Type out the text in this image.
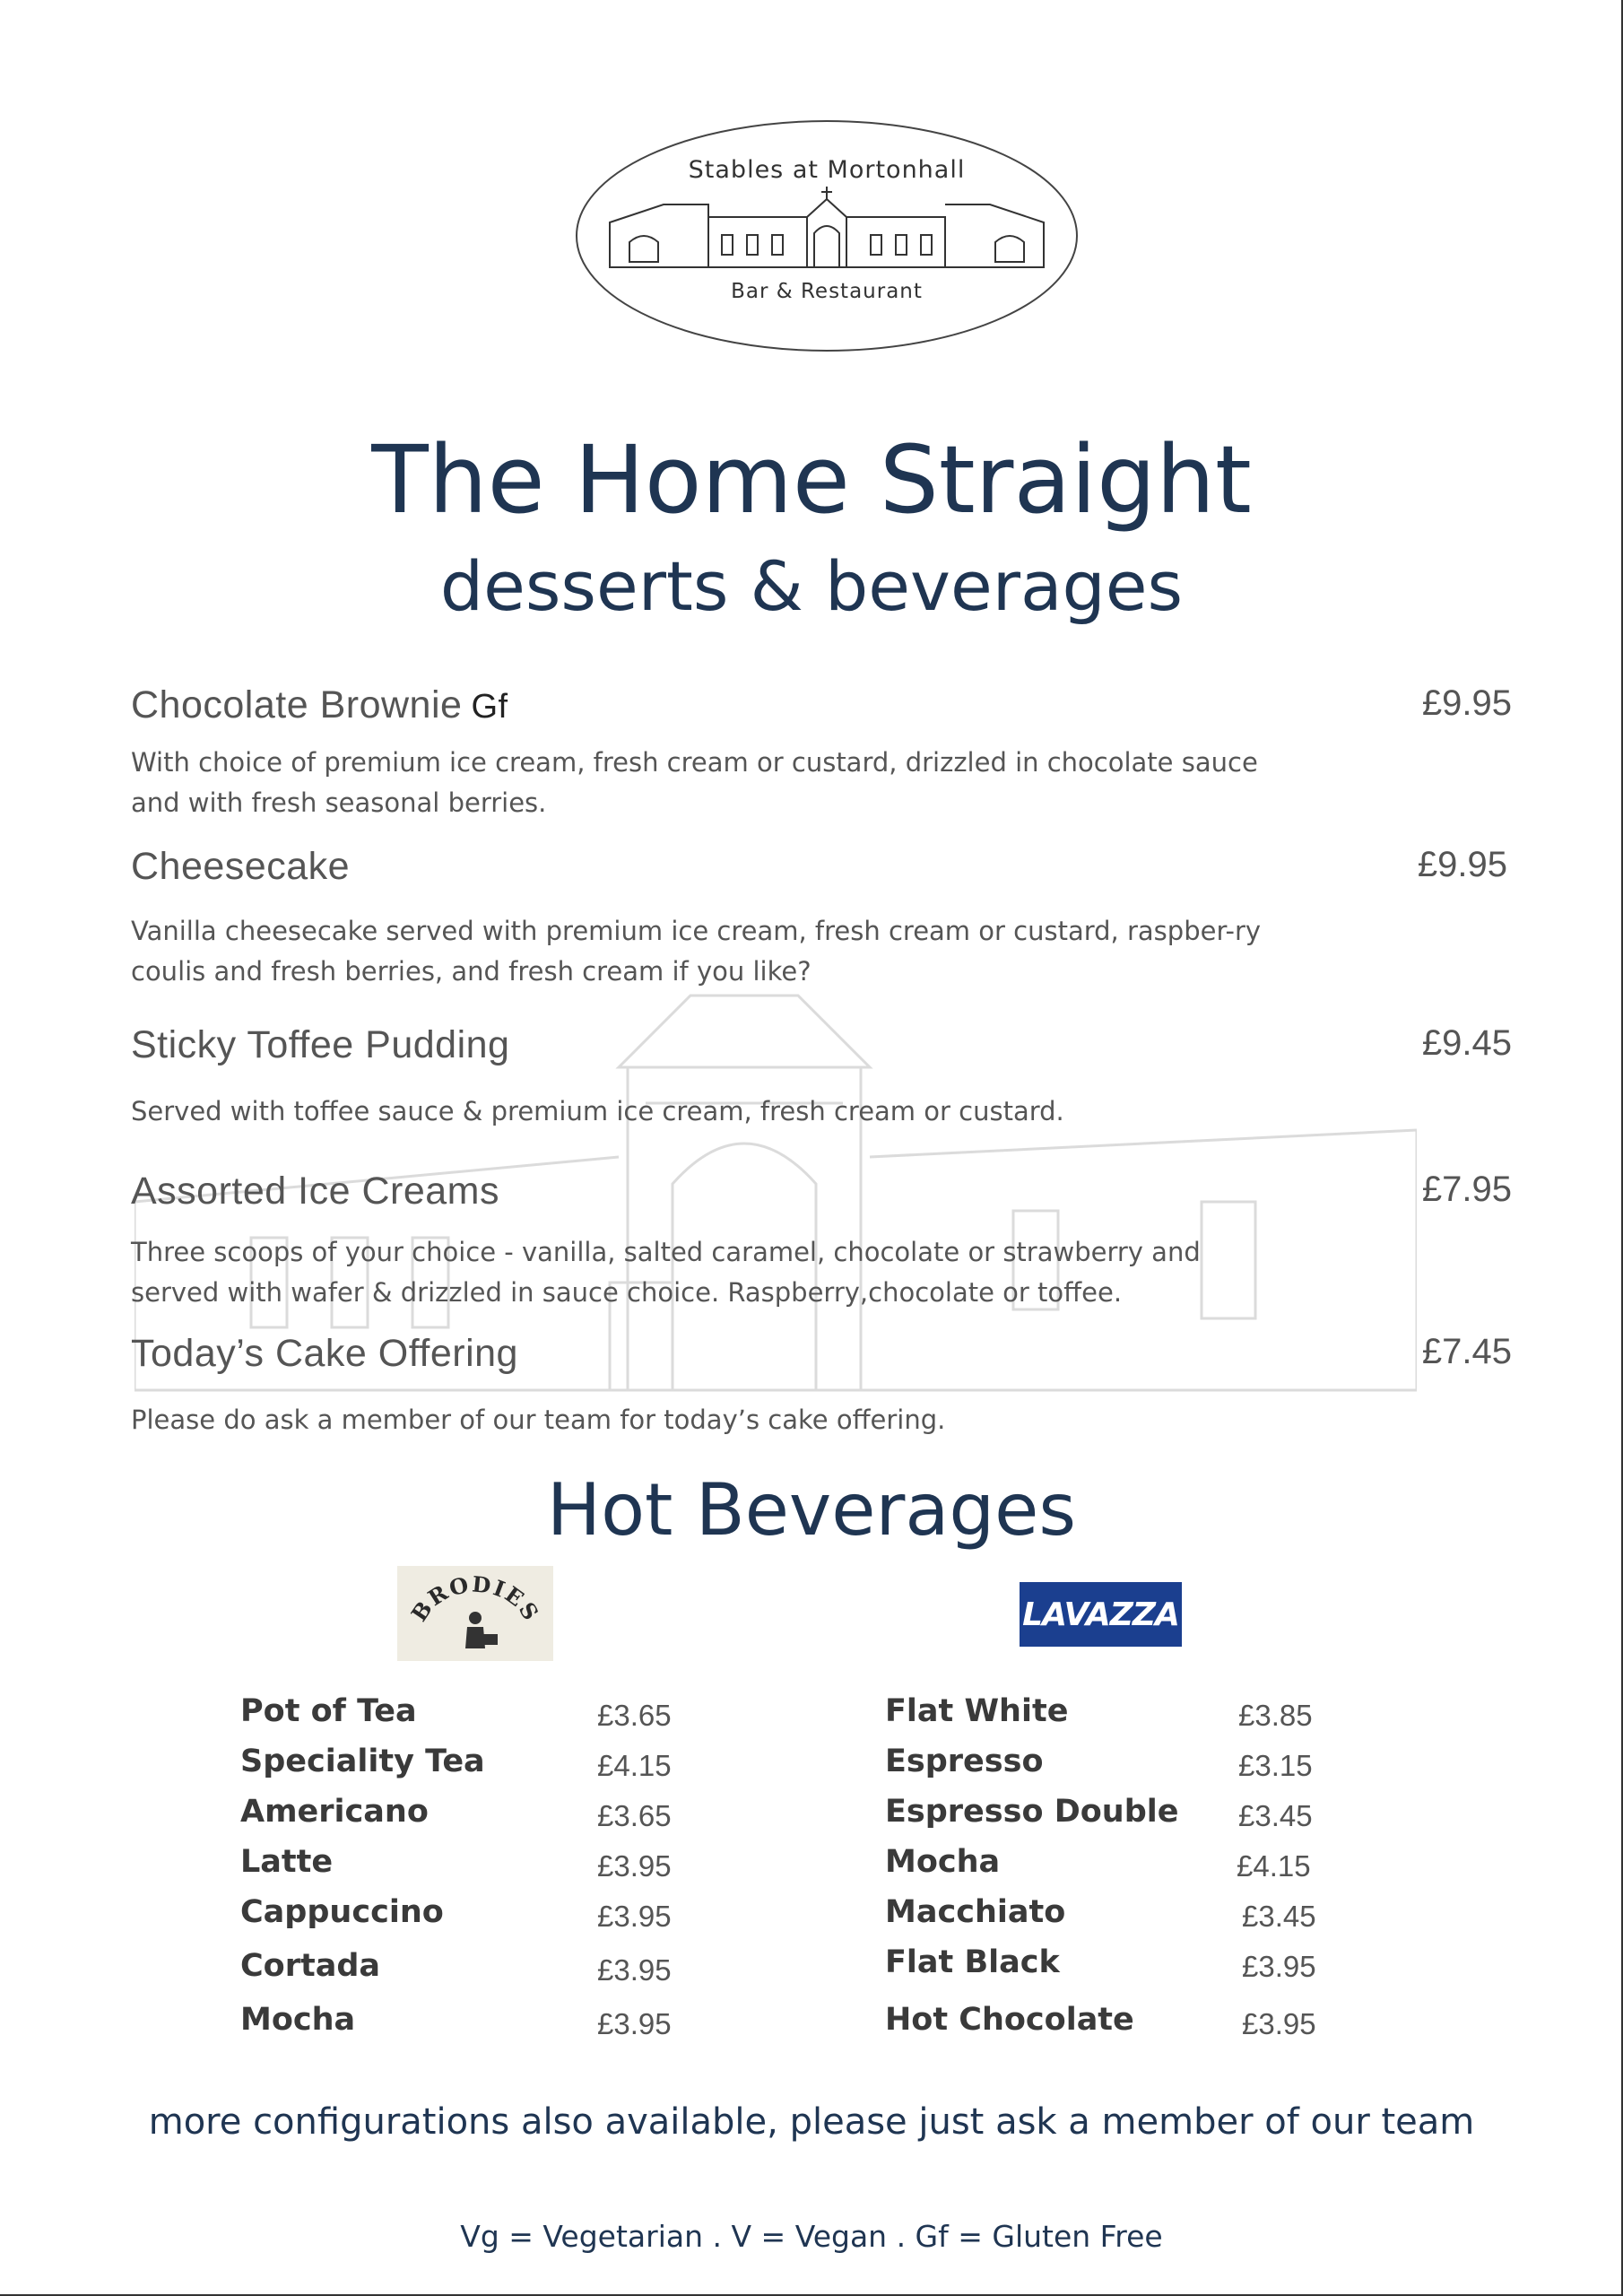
Stables at Mortonhall
Bar & Restaurant
The Home Straight
desserts & beverages
Chocolate Brownie Gf	£9.95
With choice of premium ice cream, fresh cream or custard, drizzled in chocolate sauce and with fresh seasonal berries.
Cheesecake	£9.95
Vanilla cheesecake served with premium ice cream, fresh cream or custard, raspber-ry coulis and fresh berries, and fresh cream if you like?
Sticky Toffee Pudding	£9.45
Served with toffee sauce & premium ice cream, fresh cream or custard.
Assorted Ice Creams	£7.95
Three scoops of your choice - vanilla, salted caramel, chocolate or strawberry and served with wafer & drizzled in sauce choice. Raspberry,chocolate or toffee.
Today’s Cake Offering	£7.45
Please do ask a member of our team for today’s cake offering.
Hot Beverages
BRODIES	LAVAZZA
Pot of Tea	£3.65
Speciality Tea	£4.15
Americano	£3.65
Latte	£3.95
Cappuccino	£3.95
Cortada	£3.95
Mocha	£3.95
Flat White	£3.85
Espresso	£3.15
Espresso Double £3.45
Mocha	£4.15
Macchiato	£3.45
Flat Black	£3.95
Hot Chocolate	£3.95
more configurations also available, please just ask a member of our team
Vg = Vegetarian . V = Vegan . Gf = Gluten Free
